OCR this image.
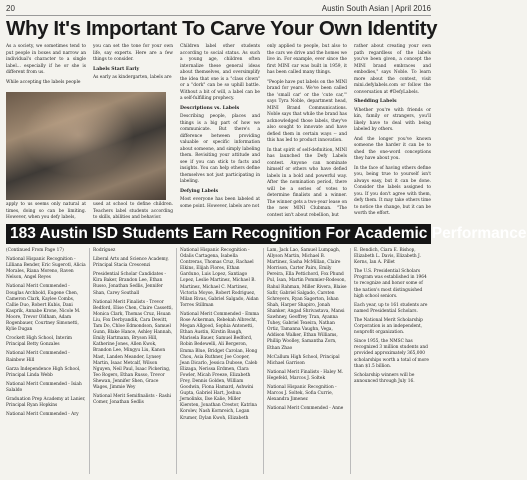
20	Austin South Asian | April 2016
Why It's Important To Carve Your Own Identity

As a society, we sometimes tend to put people in boxes and narrow an individual's character to a single label... especially if he or she is different from us.

While accepting the labels people

apply to us seems only natural at times, doing so can be limiting. However, when you defy labels,

you can set the tone for your own life, say experts. Here are a few things to consider.

Labels Start Early

As early as kindergarten, labels are

used at school to define children. Teachers label students according to skills, abilities and behavior.

Children label other students according to social status. As such a young age, children often internalize these general ideas about themselves, and oversimplify the idea that one is a "class clown" or a "dork" can be so uphill battle. Without a bit of will, a label can be a self-fulfilling prophecy.

Descriptions vs. Labels

Describing people, places and things is a big part of how we communicate. But there's a difference between providing valuable or specific information about someone, and simply labeling them. Revisiting your attitude and see if you can stick to facts and insights. You can help others define themselves not just participating in labeling.

Defying Labels

Most everyone has been labeled at some point. However, labels are not

only applied to people, but also to the cars we drive and the homes we live in. For example, ever since the first MINI car was built in 1959, it has been called many things.

"People have put labels on the MINI brand for years. We've been called the 'small car' or the 'cute car,'" says Tyra Noble, department head, MINI Brand Communications. Noble says that while the brand has acknowledged those labels, they've also sought to innovate and have defied them in certain ways -- and this has led to product innovation.

In that spirit of self-definition, MINI has launched the Defy Labels contest. Anyone can nominate himself or others who have defied labels in a bold and powerful way. After the nomination period, there will be a series of votes to determine finalists and a winner. The winner gets a two-year lease on the new MINI Clubman. "The contest isn't about rebellion, but

rather about creating your own path regardless of the labels you've been given, a concept the MINI brand embraces and embodies," says Noble. To learn more about the contest, visit mini.defylabels.com or follow the conversation at #DefyLabels.

Shedding Labels

Whether you're with friends or kin, family or strangers, you'll likely have to deal with being labeled by others.

And the longer you've known someone the harder it can be to shed the one-word conceptions they have about you.

In the face of having others define you, being true to yourself isn't always easy, but it can be done. Consider the labels assigned to you. If you don't agree with them, defy them. It may take others time to notice the change, but it can be worth the effort.

183 Austin ISD Students Earn Recognition For Academic Performance

(Continued From Page 17)

National Hispanic Recognition - Lilliana Bender, Eric Sugerotl, Alicia Morales, Riana Moreno, Raven Nelson, Angel Reyes

National Merit Commended - Douglas Archbold, Eugene Chen, Cameron Clark, Kaylee Combs, Callie Duo, Robert Kubis, Dani Kasprik, Annabe Krone, Nicole M. Moore, Trevor Oldham, Adam Rogenbauer, Courtney Simonetti, Kylie Dugan

Crockett High School, Interim Principal Betty Gonzales

National Merit Commended - Rainbow Hill

Garza Independence High School, Principal Linda Webb

National Merit Commended - Isiah Salaldo

Graduation Prep Academy at Lanier, Principal Ryan Hopkins

National Merit Commended - Ary

Rodríguez

Liberal Arts and Science Academy, Principal Stacia Crescenzi

Presidential Scholar Candidates - Kira Baker, Brandon Lee, Ethan Russo, Jonathan Sedlis, Jennifer Shan, Carey Southall

National Merit Finalists - Trevor Bedford, Elise Chen, Claire Cassetti, Monica Clark, Thomas Cruz, Hsuan Liu, Fox Derbyandik, Cara Dewitt, Tam Do, Chloe Edmondson, Samuel Gunn, Blake Hance, Ashley Hannah, Emily Hartmann, Bryson Hill, Katherine Jones, Allen Kwok, Brandon Lee, Mingyu Liu, Kanon Mast, Landen Meander, Lynsey Martin, Isaac Metcalf, Wilson Nguyen, Neil Paul, Isaac Pickering, Teo Rogers, Ethan Russo, Trevor Shewan, Jennifer Shen, Grace Wages, Jimmie Wey

National Merit Semifinalists - Rashi Comer, Jonathan Sedlis

National Hispanic Recognition - Odalis Cartagena, Isabella Contreras, Thomas Cruz, Rachael Elkins, Elijah Flores, Ethan Garduno, Luis Lopez, Santiago Lopez, Leslie Martinez, Michael B. Martinez, Michael C. Martinez, Victoria Moyse, Robert Rodriguez, Milan Rivas, Gabriel Salgado, Aidan Torres Stillman

National Merit Commended - Emma Rose Ackerman, Rebekah Albrecht, Megan Allgood, Sophia Antonetti, Ethan Austin, Kirstin Baugh, Marisela Bauer, Samuel Bedford, Robin Bedewelli, Ali Bergeron, Emma Blue, Bridget Carolan, Hong Chou, Asia Ruthner, Joe Cooper, Jean Dicarlo, Jessica Dubose, Caleb Elizaga, Nerissa Erdmen, Clara Fowler, Micah Freeze, Elizabeth Frey, Dennis Golden, William Goodwin, Fiona Hamard, Ashwini Gupta, Gabriel Hart, Joshua Jernolinks, Ilse Kalie, Miller Kiersten, Jonathan Crestor, Katrina Korolev, Nash Kornreich, Logan Krumer, Dylan Kwoh, Elizabeth

Lam, Jack Lao, Samuel Lumpagh, Allyson Martin, Michael B. Martinez, Sasha McMillan, Claire Morrison, Carter Pairs, Emily Pereira, Ella Pettichord, Fox Phund Pul, Isan, Martin Pommier-Rodeson, Rahul Rahman, Miller Rivera, Blaise Safir, Gabriel Salgado, Carsten Schreyers, Ryan Sagerton, Ishan Shah, Harper Shapiro, Jonah Shanker, Angad Shrivastava, Mansi Sawhney, Geoffrey Tran, Ayanna Tuhey, Gabriel Texeira, Nathan Ortiz, Tamanna Vaughn, Vega, Addison Walker, Ethan Williams, Phillip Woolley, Samantha Zorn, Ethan Zhao

McCallum High School, Principal Michael Garrison

National Merit Finalists - Haley M. Hegefeld, Marcos J. Soltek

National Hispanic Recognition - Marcos J. Soltek, Sofia Currie, Alexandra Jimenez

National Merit Commended - Anne

E. Bendich, Ciara E. Bishop, Elizabeth L. Davis, Elizabeth J. Kerns, Ian A. Pillet

The U.S. Presidential Scholars Program was established in 1964 to recognize and honor some of the nation's most distinguished high school seniors.

Each year, up to 161 students are named Presidential Scholars.

The National Merit Scholarship Corporation is an independent, nonprofit organization.

Since 1955, the NMSC has recognized 3 million students and provided approximately 365,000 scholarships worth a total of more than $1.5 billion.

Scholarship winners will be announced through July 16.
